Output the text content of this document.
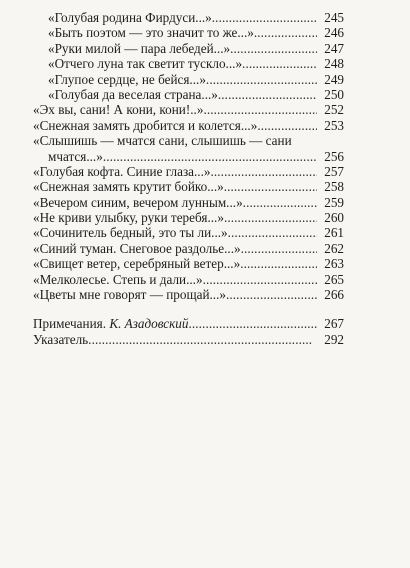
«Голубая родина Фирдуси...» . . .	245
«Быть поэтом — это значит то же...» . . .	246
«Руки милой — пара лебедей...» . . .	247
«Отчего луна так светит тускло...» . . .	248
«Глупое сердце, не бейся...» . . .	249
«Голубая да веселая страна...» . . .	250
«Эх вы, сани! А кони, кони!..» . . .	252
«Снежная замять дробится и колется...» . . .	253
«Слышишь — мчатся сани, слышишь — сани
мчатся...» . . .	256
«Голубая кофта. Синие глаза...» . . .	257
«Снежная замять крутит бойко...» . . .	258
«Вечером синим, вечером лунным...» . . .	259
«Не криви улыбку, руки теребя...» . . .	260
«Сочинитель бедный, это ты ли...» . . .	261
«Синий туман. Снеговое раздолье...» . . .	262
«Свищет ветер, серебряный ветер...» . . .	263
«Мелколесье. Степь и дали...» . . .	265
«Цветы мне говорят — прощай...» . . .	266
Примечания. К. Азадовский . . .	267
Указатель . . .	292
